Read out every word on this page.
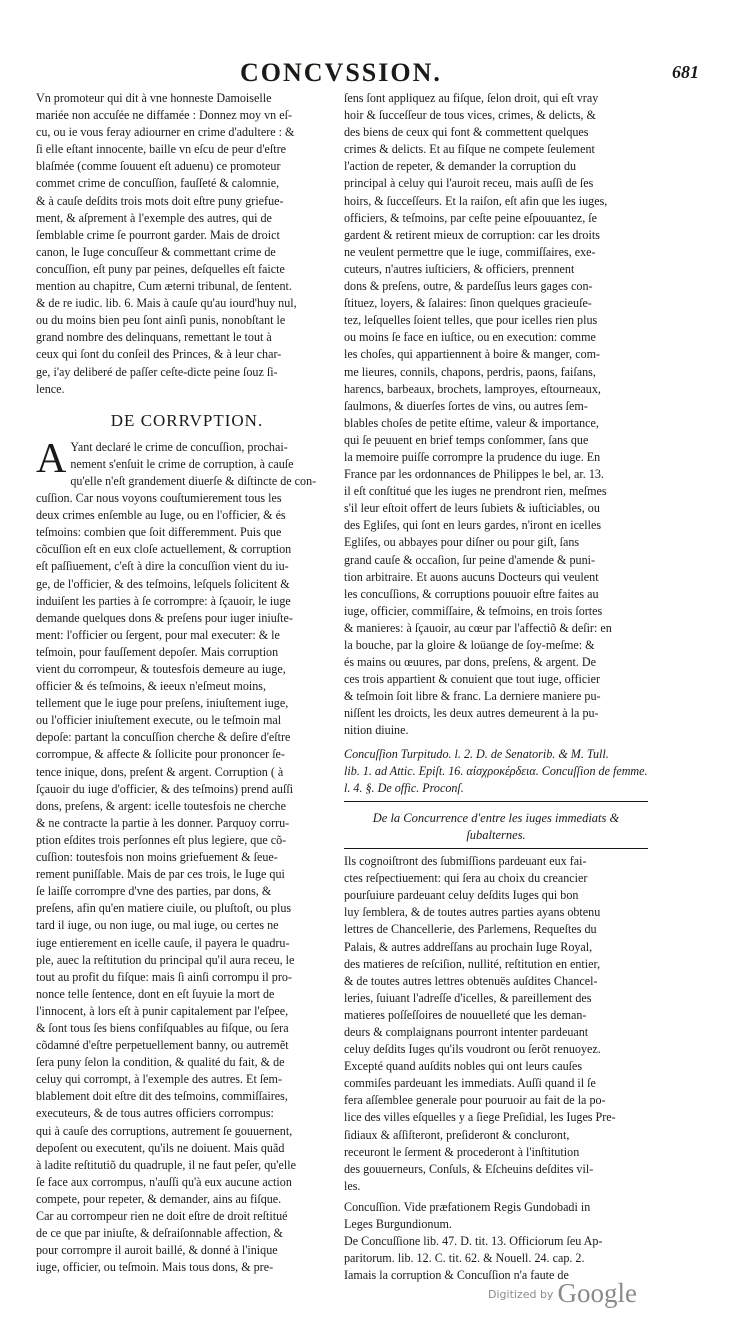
CONCVSSION.	681
Vn promoteur qui dit à vne honneste Damoiselle
mariée non accuſée ne diffamée : Donnez moy vn eſ-
cu, ou ie vous feray adiourner en crime d'adultere : &
ſi elle eſtant innocente, baille vn eſcu de peur d'eſtre
blaſmée (comme ſouuent eſt aduenu) ce promoteur
commet crime de concuſſion, fauſſeté & calomnie,
& à cauſe deſdits trois mots doit eſtre puny griefue-
ment, & aſprement à l'exemple des autres, qui de
ſemblable crime ſe pourront garder. Mais de droict
canon, le Iuge concuſſeur & commettant crime de
concuſſion, eſt puny par peines, deſquelles eſt faicte
mention au chapitre, Cum æterni tribunal, de ſentent.
& de re iudic. lib. 6. Mais à cauſe qu'au iourd'huy nul,
ou du moins bien peu ſont ainſi punis, nonobſtant le
grand nombre des delinquans, remettant le tout à
ceux qui ſont du conſeil des Princes, & à leur char-
ge, i'ay deliberé de paſſer ceſte-dicte peine ſouz ſi-
lence.
DE CORRVPTION.
A Yant declaré le crime de concuſſion, prochai-
nement s'enſuit le crime de corruption, à cauſe
qu'elle n'eſt grandement diuerſe & diſtincte de con-
cuſſion. Car nous voyons couſtumierement tous les
deux crimes enſemble au Iuge, ou en l'officier, & és
teſmoins: combien que ſoit differemment. Puis que
cõcuſſion eſt en eux cloſe actuellement, & corruption
eſt paſſiuement, c'eſt à dire la concuſſion vient du iu-
ge, de l'officier, & des teſmoins, leſquels ſolicitent &
induiſent les parties à ſe corrompre: à ſçauoir, le iuge
demande quelques dons & preſens pour iuger iniuſte-
ment: l'officier ou ſergent, pour mal executer: & le
teſmoin, pour fauſſement depoſer. Mais corruption
vient du corrompeur, & toutesfois demeure au iuge,
officier & és teſmoins, & ieeux n'eſmeut moins,
tellement que le iuge pour preſens, iniuſtement iuge,
ou l'officier iniuſtement execute, ou le teſmoin mal
depoſe: partant la concuſſion cherche & deſire d'eſtre
corrompue, & affecte & ſollicite pour prononcer ſe-
tence inique, dons, preſent & argent. Corruption ( à
ſçauoir du iuge d'officier, & des teſmoins) prend auſſi
dons, preſens, & argent: icelle toutesfois ne cherche
& ne contracte la partie à les donner. Parquoy corru-
ption eſdites trois perſonnes eſt plus legiere, que cõ-
cuſſion: toutesfois non moins griefuement & ſeue-
rement puniſſable. Mais de par ces trois, le Iuge qui
ſe laiſſe corrompre d'vne des parties, par dons, &
preſens, afin qu'en matiere ciuile, ou pluſtoſt, ou plus
tard il iuge, ou non iuge, ou mal iuge, ou certes ne
iuge entierement en icelle cauſe, il payera le quadru-
ple, auec la reſtitution du principal qu'il aura receu, le
tout au profit du fiſque: mais ſi ainſi corrompu il pro-
nonce telle ſentence, dont en eſt ſuyuie la mort de
l'innocent, à lors eſt à punir capitalement par l'eſpee,
& ſont tous ſes biens confiſquables au fiſque, ou ſera
cõdamné d'eſtre perpetuellement banny, ou autremẽt
ſera puny ſelon la condition, & qualité du fait, & de
celuy qui corrompt, à l'exemple des autres. Et ſem-
blablement doit eſtre dit des teſmoins, commiſſaires,
executeurs, & de tous autres officiers corrompus:
qui à cauſe des corruptions, autrement ſe gouuernent,
depoſent ou executent, qu'ils ne doiuent. Mais quãd
à ladite reſtitutiõ du quadruple, il ne faut peſer, qu'elle
ſe face aux corrompus, n'auſſi qu'à eux aucune action
compete, pour repeter, & demander, ains au fiſque.
Car au corrompeur rien ne doit eſtre de droit reſtitué
de ce que par iniuſte, & deſraiſonnable affection, &
pour corrompre il auroit baillé, & donné à l'inique
iuge, officier, ou teſmoin. Mais tous dons, & pre-
ſens ſont appliquez au fiſque, ſelon droit, qui eſt vray
hoir & ſucceſſeur de tous vices, crimes, & delicts, &
des biens de ceux qui font & commettent quelques
crimes & delicts. Et au fiſque ne compete ſeulement
l'action de repeter, & demander la corruption du
principal à celuy qui l'auroit receu, mais auſſi de ſes
hoirs, & ſucceſſeurs. Et la raiſon, eſt afin que les iuges,
officiers, & teſmoins, par ceſte peine eſpouuantez, ſe
gardent & retirent mieux de corruption: car les droits
ne veulent permettre que le iuge, commiſſaires, exe-
cuteurs, n'autres iuſticiers, & officiers, prennent
dons & preſens, outre, & pardeſſus leurs gages con-
ſtituez, loyers, & ſalaires: ſinon quelques gracieuſe-
tez, leſquelles ſoient telles, que pour icelles rien plus
ou moins ſe face en iuſtice, ou en execution: comme
les choſes, qui appartiennent à boire & manger, com-
me lieures, connils, chapons, perdris, paons, faiſans,
harencs, barbeaux, brochets, lamproyes, eſtourneaux,
ſaulmons, & diuerſes ſortes de vins, ou autres ſem-
blables choſes de petite eſtime, valeur & importance,
qui ſe peuuent en brief temps conſommer, ſans que
la memoire puiſſe corrompre la prudence du iuge. En
France par les ordonnances de Philippes le bel, ar. 13.
il eſt conſtitué que les iuges ne prendront rien, meſmes
s'il leur eſtoit offert de leurs ſubiets & iuſticiables, ou
des Egliſes, qui ſont en leurs gardes, n'iront en icelles
Egliſes, ou abbayes pour diſner ou pour giſt, ſans
grand cauſe & occaſion, ſur peine d'amende & puni-
tion arbitraire. Et auons aucuns Docteurs qui veulent
les concuſſions, & corruptions pouuoir eſtre faites au
iuge, officier, commiſſaire, & teſmoins, en trois ſortes
& manieres: à ſçauoir, au cœur par l'affectiõ & deſir: en
la bouche, par la gloire & loüange de ſoy-meſme: &
és mains ou œuures, par dons, preſens, & argent. De
ces trois appartient & conuient que tout iuge, officier
& teſmoin ſoit libre & franc. La derniere maniere pu-
niſſent les droicts, les deux autres demeurent à la pu-
nition diuine.
Concuſſion Turpitudo. l. 2. D. de Senatorib. & M. Tull.
lib. 1. ad Attic. Epiſt. 16. αἰσχροκέρδεια. Concuſſion de femme.
l. 4. §. De offic. Proconſ.
De la Concurrence d'entre les iuges immediats &
ſubalternes.
Ils cognoiſtront des ſubmiſſions pardeuant eux fai-
ctes reſpectiuement: qui ſera au choix du creancier
pourſuiure pardeuant celuy deſdits Iuges qui bon
luy ſemblera, & de toutes autres parties ayans obtenu
lettres de Chancellerie, des Parlemens, Requeſtes du
Palais, & autres addreſſans au prochain Iuge Royal,
des matieres de reſciſion, nullité, reſtitution en entier,
& de toutes autres lettres obtenuës auſdites Chancel-
leries, ſuiuant l'adreſſe d'icelles, & pareillement des
matieres poſſeſſoires de nouuelleté que les deman-
deurs & complaignans pourront intenter pardeuant
celuy deſdits Iuges qu'ils voudront ou ſerõt renuoyez.
Excepté quand auſdits nobles qui ont leurs cauſes
commiſes pardeuant les immediats. Auſſi quand il ſe
fera aſſemblee generale pour pouruoir au fait de la po-
lice des villes eſquelles y a ſiege Preſidial, les Iuges Pre-
ſidiaux & aſſiſteront, preſideront & concluront,
receuront le ſerment & procederont à l'inſtitution
des gouuerneurs, Conſuls, & Eſcheuins deſdites vil-
les.
Concuſſion. Vide præfationem Regis Gundobadi in
Leges Burgundionum.
De Concuſſione lib. 47. D. tit. 13. Officiorum ſeu Ap-
paritorum. lib. 12. C. tit. 62. & Nouell. 24. cap. 2.
Iamais la corruption & Concuſſion n'a faute de
Digitized by Google
